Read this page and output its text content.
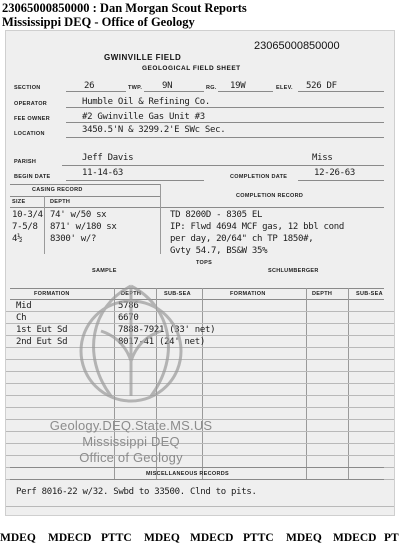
23065000850000 : Dan Morgan Scout Reports
Mississippi DEQ - Office of Geology
23065000850000
GWINVILLE FIELD
GEOLOGICAL FIELD SHEET
SECTION	26	TWP. 9N	RG. 19W	ELEV. 526 DF
OPERATOR	Humble Oil & Refining Co.
FEE OWNER	#2 Gwinville Gas Unit #3
LOCATION	3450.5'N & 3299.2'E SWc Sec.
PARISH	Jeff Davis	Miss
BEGIN DATE	11-14-63	COMPLETION DATE	12-26-63
CASING RECORD
SIZE	DEPTH
COMPLETION RECORD
10-3/4 74' w/50 sx
7-5/8 871' w/180 sx
4½	8300' w/?
TD 8200D - 8305 EL
IP: Flwd 4694 MCF gas, 12 bbl cond
per day, 20/64" ch TP 1850#,
Gvty 54.7, BS&W 35%
TOPS
SAMPLE	SCHLUMBERGER
FORMATION	DEPTH	SUB-SEA	FORMATION	DEPTH	SUB-SEA
Mid	5786
Ch	6670
1st Eut Sd	7888-7921 (33' net)
2nd Eut Sd	8017-41 (24' net)
MISCELLANEOUS RECORDS
Perf 8016-22 w/32. Swbd to 33500. Clnd to pits.
Geology.DEQ.State.MS.US
Mississippi DEQ
Office of Geology
MDEQ MDECD PTTC MDEQ MDECD PTTC MDEQ MDECD PT
